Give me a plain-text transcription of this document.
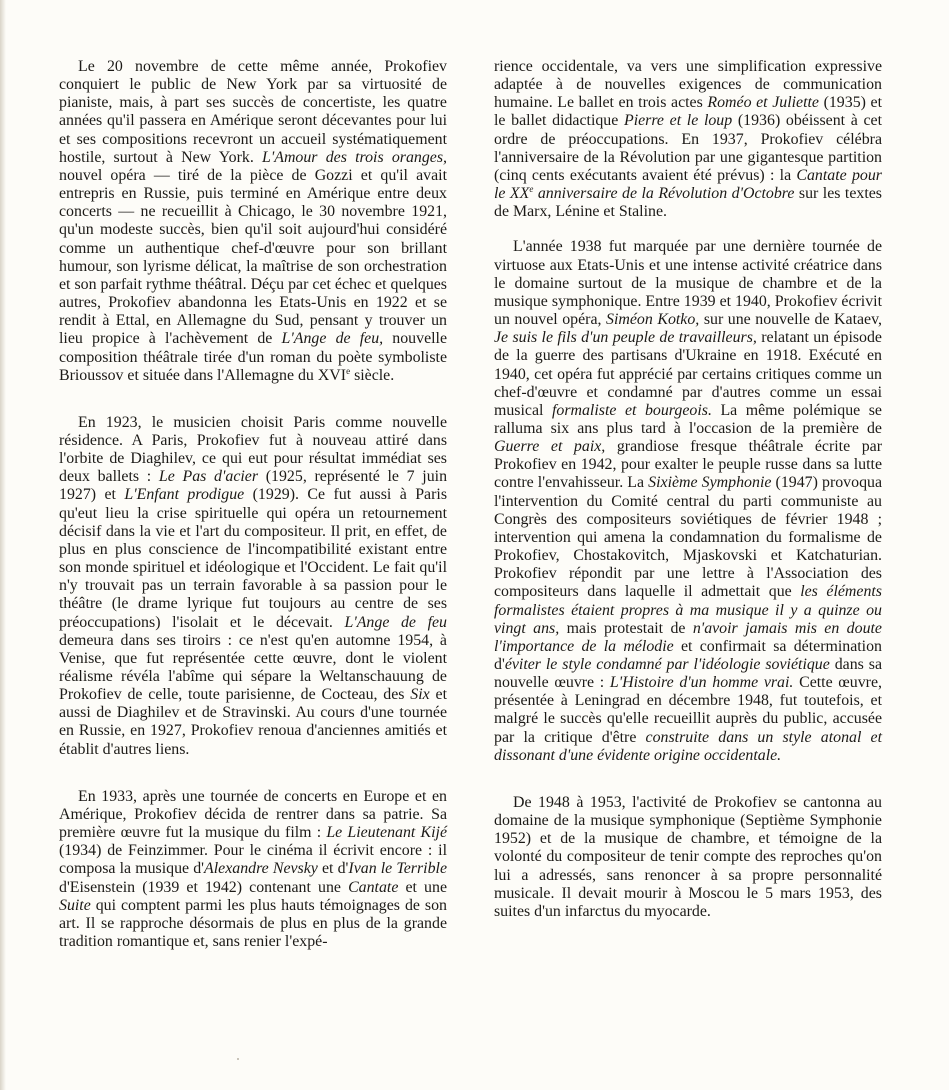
Le 20 novembre de cette même année, Prokofiev conquiert le public de New York par sa virtuosité de pianiste, mais, à part ses succès de concertiste, les quatre années qu'il passera en Amérique seront décevantes pour lui et ses compositions recevront un accueil systématiquement hostile, surtout à New York. L'Amour des trois oranges, nouvel opéra — tiré de la pièce de Gozzi et qu'il avait entrepris en Russie, puis terminé en Amérique entre deux concerts — ne recueillit à Chicago, le 30 novembre 1921, qu'un modeste succès, bien qu'il soit aujourd'hui considéré comme un authentique chef-d'œuvre pour son brillant humour, son lyrisme délicat, la maîtrise de son orchestration et son parfait rythme théâtral. Déçu par cet échec et quelques autres, Prokofiev abandonna les Etats-Unis en 1922 et se rendit à Ettal, en Allemagne du Sud, pensant y trouver un lieu propice à l'achèvement de L'Ange de feu, nouvelle composition théâtrale tirée d'un roman du poète symboliste Brioussov et située dans l'Allemagne du XVIe siècle.

En 1923, le musicien choisit Paris comme nouvelle résidence. A Paris, Prokofiev fut à nouveau attiré dans l'orbite de Diaghilev, ce qui eut pour résultat immédiat ses deux ballets : Le Pas d'acier (1925, représenté le 7 juin 1927) et L'Enfant prodigue (1929). Ce fut aussi à Paris qu'eut lieu la crise spirituelle qui opéra un retournement décisif dans la vie et l'art du compositeur. Il prit, en effet, de plus en plus conscience de l'incompatibilité existant entre son monde spirituel et idéologique et l'Occident. Le fait qu'il n'y trouvait pas un terrain favorable à sa passion pour le théâtre (le drame lyrique fut toujours au centre de ses préoccupations) l'isolait et le décevait. L'Ange de feu demeura dans ses tiroirs : ce n'est qu'en automne 1954, à Venise, que fut représentée cette œuvre, dont le violent réalisme révéla l'abîme qui sépare la Weltanschauung de Prokofiev de celle, toute parisienne, de Cocteau, des Six et aussi de Diaghilev et de Stravinski. Au cours d'une tournée en Russie, en 1927, Prokofiev renoua d'anciennes amitiés et établit d'autres liens.

En 1933, après une tournée de concerts en Europe et en Amérique, Prokofiev décida de rentrer dans sa patrie. Sa première œuvre fut la musique du film : Le Lieutenant Kijé (1934) de Feinzimmer. Pour le cinéma il écrivit encore : il composa la musique d'Alexandre Nevsky et d'Ivan le Terrible d'Eisenstein (1939 et 1942) contenant une Cantate et une Suite qui comptent parmi les plus hauts témoignages de son art. Il se rapproche désormais de plus en plus de la grande tradition romantique et, sans renier l'expé-

rience occidentale, va vers une simplification expressive adaptée à de nouvelles exigences de communication humaine. Le ballet en trois actes Roméo et Juliette (1935) et le ballet didactique Pierre et le loup (1936) obéissent à cet ordre de préoccupations. En 1937, Prokofiev célébra l'anniversaire de la Révolution par une gigantesque partition (cinq cents exécutants avaient été prévus) : la Cantate pour le XXe anniversaire de la Révolution d'Octobre sur les textes de Marx, Lénine et Staline.

L'année 1938 fut marquée par une dernière tournée de virtuose aux Etats-Unis et une intense activité créatrice dans le domaine surtout de la musique de chambre et de la musique symphonique. Entre 1939 et 1940, Prokofiev écrivit un nouvel opéra, Siméon Kotko, sur une nouvelle de Kataev, Je suis le fils d'un peuple de travailleurs, relatant un épisode de la guerre des partisans d'Ukraine en 1918. Exécuté en 1940, cet opéra fut apprécié par certains critiques comme un chef-d'œuvre et condamné par d'autres comme un essai musical formaliste et bourgeois. La même polémique se ralluma six ans plus tard à l'occasion de la première de Guerre et paix, grandiose fresque théâtrale écrite par Prokofiev en 1942, pour exalter le peuple russe dans sa lutte contre l'envahisseur. La Sixième Symphonie (1947) provoqua l'intervention du Comité central du parti communiste au Congrès des compositeurs soviétiques de février 1948 ; intervention qui amena la condamnation du formalisme de Prokofiev, Chostakovitch, Mjaskovski et Katchaturian. Prokofiev répondit par une lettre à l'Association des compositeurs dans laquelle il admettait que les éléments formalistes étaient propres à ma musique il y a quinze ou vingt ans, mais protestait de n'avoir jamais mis en doute l'importance de la mélodie et confirmait sa détermination d'éviter le style condamné par l'idéologie soviétique dans sa nouvelle œuvre : L'Histoire d'un homme vrai. Cette œuvre, présentée à Leningrad en décembre 1948, fut toutefois, et malgré le succès qu'elle recueillit auprès du public, accusée par la critique d'être construite dans un style atonal et dissonant d'une évidente origine occidentale.

De 1948 à 1953, l'activité de Prokofiev se cantonna au domaine de la musique symphonique (Septième Symphonie 1952) et de la musique de chambre, et témoigne de la volonté du compositeur de tenir compte des reproches qu'on lui a adressés, sans renoncer à sa propre personnalité musicale. Il devait mourir à Moscou le 5 mars 1953, des suites d'un infarctus du myocarde.
